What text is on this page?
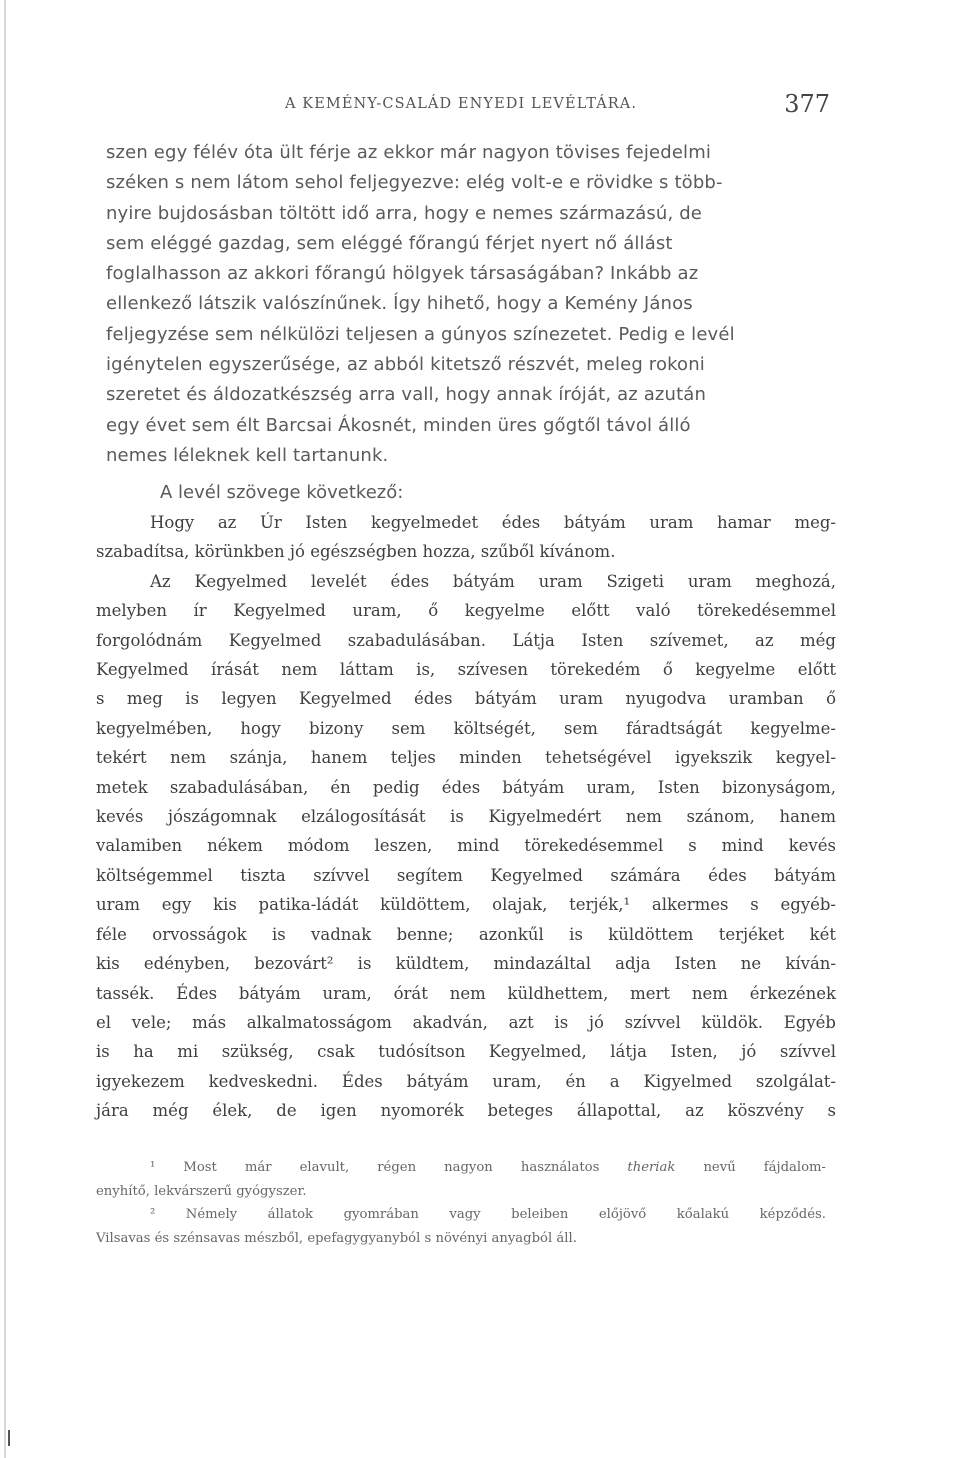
A KEMÉNY-CSALÁD ENYEDI LEVÉLTÁRA.	377
szen egy félév óta ült férje az ekkor már nagyon tövises fejedelmi
széken s nem látom sehol feljegyezve: elég volt-e e rövidke s több-
nyire bujdosásban töltött idő arra, hogy e nemes származású, de
sem eléggé gazdag, sem eléggé főrangú férjet nyert nő állást
foglalhasson az akkori főrangú hölgyek társaságában? Inkább az
ellenkező látszik valószínűnek. Így hihető, hogy a Kemény János
feljegyzése sem nélkülözi teljesen a gúnyos színezetet. Pedig e levél
igénytelen egyszerűsége, az abból kitetsző részvét, meleg rokoni
szeretet és áldozatkészség arra vall, hogy annak íróját, az azután
egy évet sem élt Barcsai Ákosnét, minden üres gőgtől távol álló
nemes léleknek kell tartanunk.
A levél szövege következő:
Hogy az Úr Isten kegyelmedet édes bátyám uram hamar meg-
szabadítsa, körünkben jó egészségben hozza, szűből kívánom.
Az Kegyelmed levelét édes bátyám uram Szigeti uram meghozá,
melyben ír Kegyelmed uram, ő kegyelme előtt való törekedésemmel
forgolódnám Kegyelmed szabadulásában. Látja Isten szívemet, az még
Kegyelmed írását nem láttam is, szívesen törekedém ő kegyelme előtt
s meg is legyen Kegyelmed édes bátyám uram nyugodva uramban ő
kegyelmében, hogy bizony sem költségét, sem fáradtságát kegyelme-
tekért nem szánja, hanem teljes minden tehetségével igyekszik kegyel-
metek szabadulásában, én pedig édes bátyám uram, Isten bizonyságom,
kevés jószágomnak elzálogosítását is Kigyelmedért nem szánom, hanem
valamiben nékem módom leszen, mind törekedésemmel s mind kevés
költségemmel tiszta szívvel segítem Kegyelmed számára édes bátyám
uram egy kis patika-ládát küldöttem, olajak, terjék,¹ alkermes s egyéb-
féle orvosságok is vadnak benne; azonkűl is küldöttem terjéket két
kis edényben, bezovárt² is küldtem, mindazáltal adja Isten ne kíván-
tassék. Édes bátyám uram, órát nem küldhettem, mert nem érkezének
el vele; más alkalmatosságom akadván, azt is jó szívvel küldök. Egyéb
is ha mi szükség, csak tudósítson Kegyelmed, látja Isten, jó szívvel
igyekezem kedveskedni. Édes bátyám uram, én a Kigyelmed szolgálat-
jára még élek, de igen nyomorék beteges állapottal, az köszvény s
¹ Most már elavult, régen nagyon használatos theriak nevű fájdalom-
enyhítő, lekvárszerű gyógyszer.
² Némely állatok gyomrában vagy beleiben előjövő kőalakú képződés.
Vilsavas és szénsavas mészből, epefagygyanyból s növényi anyagból áll.
